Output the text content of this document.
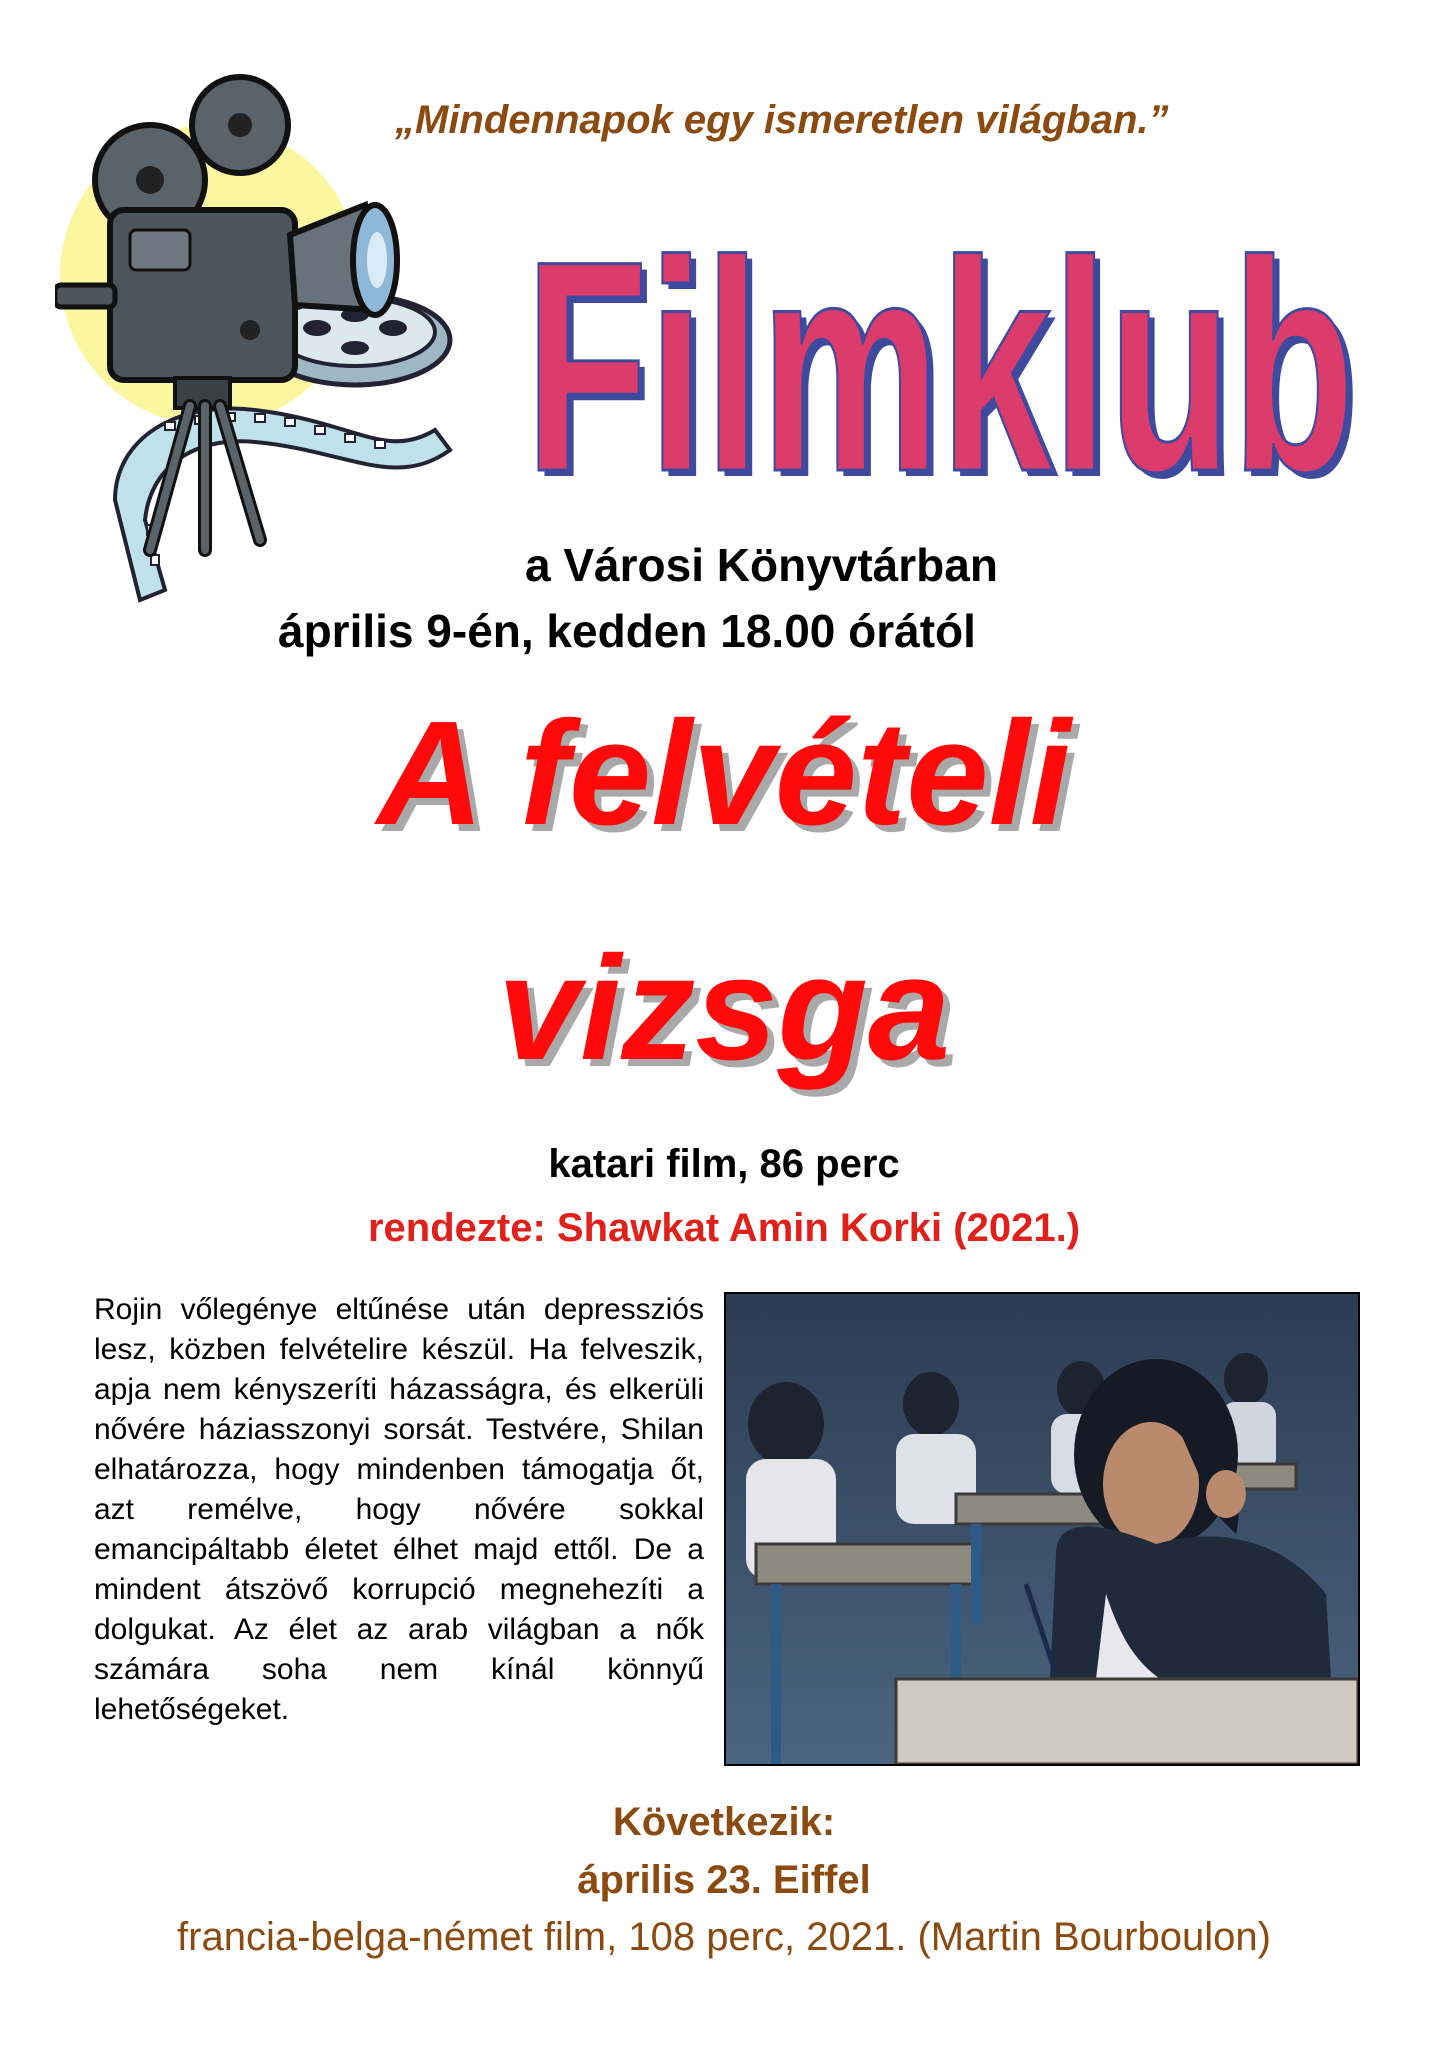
„Mindennapok egy ismeretlen világban.”
Filmklub
Filmklub
a Városi Könyvtárban
április 9-én, kedden 18.00 órától
A felvételi
vizsga
katari film, 86 perc
rendezte: Shawkat Amin Korki (2021.)
Rojin vőlegénye eltűnése után depressziós lesz, közben felvételire készül. Ha felveszik, apja nem kényszeríti házasságra, és elkerüli nővére háziasszonyi sorsát. Testvére, Shilan elhatározza, hogy mindenben támogatja őt, azt remélve, hogy nővére sokkal emancipáltabb életet élhet majd ettől. De a mindent átszövő korrupció megnehezíti a dolgukat. Az élet az arab világban a nők számára soha nem kínál könnyű lehetőségeket.
Következik:
április 23. Eiffel
francia-belga-német film, 108 perc, 2021. (Martin Bourboulon)
